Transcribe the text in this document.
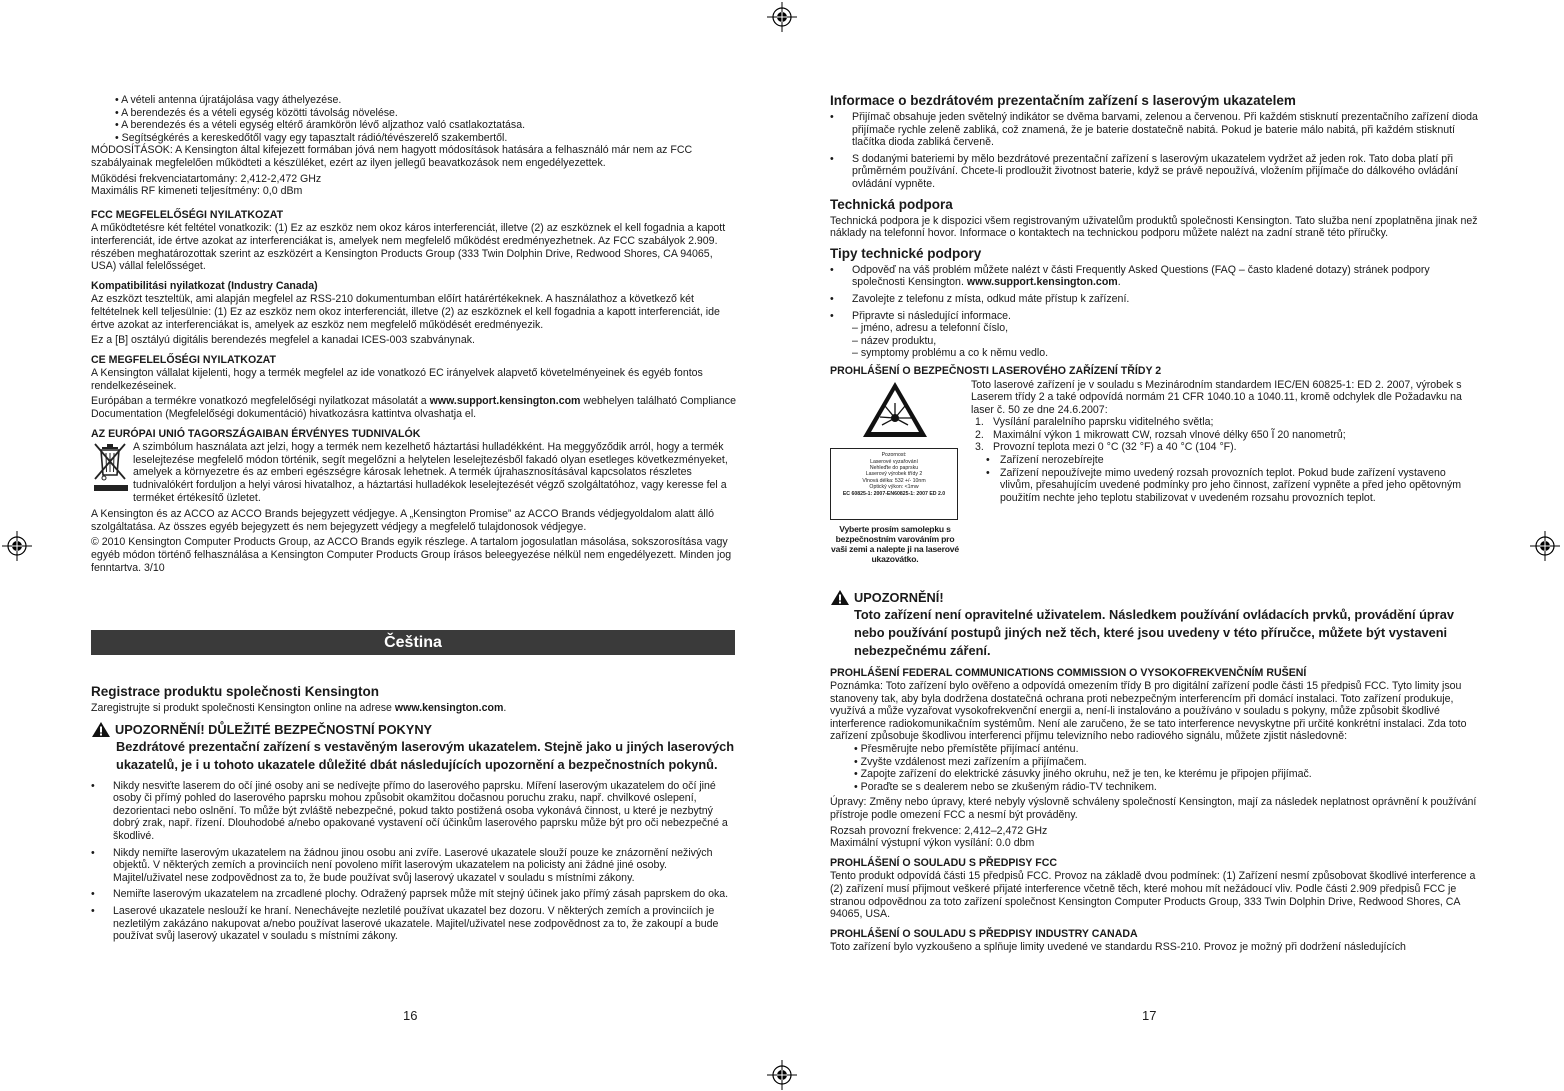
• A vételi antenna újratájolása vagy áthelyezése.
• A berendezés és a vételi egység közötti távolság növelése.
• A berendezés és a vételi egység eltérő áramkörön lévő aljzathoz való csatlakoztatása.
• Segítségkérés a kereskedőtől vagy egy tapasztalt rádió/tévészerelő szakembertől.

MÓDOSÍTÁSOK: A Kensington által kifejezett formában jóvá nem hagyott módosítások hatására a felhasználó már nem az FCC szabályainak megfelelően működteti a készüléket, ezért az ilyen jellegű beavatkozások nem engedélyezettek.

Működési frekvenciatartomány: 2,412-2,472 GHz
Maximális RF kimeneti teljesítmény: 0,0 dBm
FCC MEGFELELŐSÉGI NYILATKOZAT

A működtetésre két feltétel vonatkozik: (1) Ez az eszköz nem okoz káros interferenciát, illetve (2) az eszköznek el kell fogadnia a kapott interferenciát, ide értve azokat az interferenciákat is, amelyek nem megfelelő működést eredményezhetnek. Az FCC szabályok 2.909. részében meghatározottak szerint az eszközért a Kensington Products Group (333 Twin Dolphin Drive, Redwood Shores, CA 94065, USA) vállal felelősséget.

Kompatibilitási nyilatkozat (Industry Canada)

Az eszközt teszteltük, ami alapján megfelel az RSS-210 dokumentumban előírt határértékeknek. A használathoz a következő két feltételnek kell teljesülnie: (1) Ez az eszköz nem okoz interferenciát, illetve (2) az eszköznek el kell fogadnia a kapott interferenciát, ide értve azokat az interferenciákat is, amelyek az eszköz nem megfelelő működését eredményezik.

Ez a [B] osztályú digitális berendezés megfelel a kanadai ICES-003 szabványnak.

CE MEGFELELŐSÉGI NYILATKOZAT

A Kensington vállalat kijelenti, hogy a termék megfelel az ide vonatkozó EC irányelvek alapvető követelményeinek és egyéb fontos rendelkezéseinek.

Európában a termékre vonatkozó megfelelőségi nyilatkozat másolatát a www.support.kensington.com webhelyen található Compliance Documentation (Megfelelőségi dokumentáció) hivatkozásra kattintva olvashatja el.

AZ EURÓPAI UNIÓ TAGORSZÁGAIBAN ÉRVÉNYES TUDNIVALÓK
A szimbólum használata azt jelzi, hogy a termék nem kezelhető háztartási hulladékként. Ha meggyőződik arról, hogy a termék leselejtezése megfelelő módon történik, segít megelőzni a helytelen leselejtezésből fakadó olyan esetleges következményeket, amelyek a környezetre és az emberi egészségre károsak lehetnek. A termék újrahasznosításával kapcsolatos részletes tudnivalókért forduljon a helyi városi hivatalhoz, a háztartási hulladékok leselejtezését végző szolgáltatóhoz, vagy keresse fel a terméket értékesítő üzletet.

A Kensington és az ACCO az ACCO Brands bejegyzett védjegye. A „Kensington Promise” az ACCO Brands védjegyoldalom alatt álló szolgáltatása. Az összes egyéb bejegyzett és nem bejegyzett védjegy a megfelelő tulajdonosok védjegye.

© 2010 Kensington Computer Products Group, az ACCO Brands egyik részlege. A tartalom jogosulatlan másolása, sokszorosítása vagy egyéb módon történő felhasználása a Kensington Computer Products Group írásos beleegyezése nélkül nem engedélyezett. Minden jog fenntartva. 3/10

Čeština
Registrace produktu společnosti Kensington

Zaregistrujte si produkt společnosti Kensington online na adrese www.kensington.com.

UPOZORNĚNÍ! DŮLEŽITÉ BEZPEČNOSTNÍ POKYNY
Bezdrátové prezentační zařízení s vestavěným laserovým ukazatelem. Stejně jako u jiných laserových ukazatelů, je i u tohoto ukazatele důležité dbát následujících upozornění a bezpečnostních pokynů.
• Nikdy nesviťte laserem do očí jiné osoby ani se nedívejte přímo do laserového paprsku. Míření laserovým ukazatelem do očí jiné osoby či přímý pohled do laserového paprsku mohou způsobit okamžitou dočasnou poruchu zraku, např. chvilkové oslepení, dezorientaci nebo oslnění. To může být zvláště nebezpečné, pokud takto postižená osoba vykonává činnost, u které je nezbytný dobrý zrak, např. řízení. Dlouhodobé a/nebo opakované vystavení očí účinkům laserového paprsku může být pro oči nebezpečné a škodlivé.
• Nikdy nemiřte laserovým ukazatelem na žádnou jinou osobu ani zvíře. Laserové ukazatele slouží pouze ke znázornění neživých objektů. V některých zemích a provinciích není povoleno mířit laserovým ukazatelem na policisty ani žádné jiné osoby. Majitel/uživatel nese zodpovědnost za to, že bude používat svůj laserový ukazatel v souladu s místními zákony.
• Nemiřte laserovým ukazatelem na zrcadlené plochy. Odražený paprsek může mít stejný účinek jako přímý zásah paprskem do oka.
• Laserové ukazatele neslouží ke hraní. Nenechávejte nezletilé používat ukazatel bez dozoru. V některých zemích a provinciích je nezletilým zakázáno nakupovat a/nebo používat laserové ukazatele. Majitel/uživatel nese zodpovědnost za to, že zakoupí a bude používat svůj laserový ukazatel v souladu s místními zákony.
16
Informace o bezdrátovém prezentačním zařízení s laserovým ukazatelem
• Přijímač obsahuje jeden světelný indikátor se dvěma barvami, zelenou a červenou. Při každém stisknutí prezentačního zařízení dioda přijímače rychle zeleně zabliká, což znamená, že je baterie dostatečně nabitá. Pokud je baterie málo nabitá, při každém stisknutí tlačítka dioda zabliká červeně.
• S dodanými bateriemi by mělo bezdrátové prezentační zařízení s laserovým ukazatelem vydržet až jeden rok. Tato doba platí při průměrném používání. Chcete-li prodloužit životnost baterie, když se právě nepoužívá, vložením přijímače do dálkového ovládání ovládání vypněte.
Technická podpora

Technická podpora je k dispozici všem registrovaným uživatelům produktů společnosti Kensington. Tato služba není zpoplatněna jinak než náklady na telefonní hovor. Informace o kontaktech na technickou podporu můžete nalézt na zadní straně této příručky.

Tipy technické podpory
• Odpověď na váš problém můžete nalézt v části Frequently Asked Questions (FAQ – často kladené dotazy) stránek podpory společnosti Kensington. www.support.kensington.com.
• Zavolejte z telefonu z místa, odkud máte přístup k zařízení.
• Připravte si následující informace.
– jméno, adresu a telefonní číslo,
– název produktu,
– symptomy problému a co k němu vedlo.
PROHLÁŠENÍ O BEZPEČNOSTI LASEROVÉHO ZAŘÍZENÍ TŘÍDY 2
Pozornost:
Laserové vyzařování
Nehleďte do paprsku
Laserový výrobek třídy 2
Vlnová délka: 532 +/- 10nm
Optický výkon: <1mw
EC 60825-1: 2007-EN60825-1: 2007 ED 2.0
Vyberte prosím samolepku s bezpečnostním varováním pro vaši zemi a nalepte ji na laserové ukazovátko.
Toto laserové zařízení je v souladu s Mezinárodním standardem IEC/EN 60825-1: ED 2. 2007, výrobek s Laserem třídy 2 a také odpovídá normám 21 CFR 1040.10 a 1040.11, kromě odchylek dle Požadavku na laser č. 50 ze dne 24.6.2007:
1. Vysílání paralelního paprsku viditelného světla;
2. Maximální výkon 1 mikrowatt CW, rozsah vlnové délky 650 Ĩ 20 nanometrů;
3. Provozní teplota mezi 0 °C (32 °F) a 40 °C (104 °F).
• Zařízení nerozebírejte
• Zařízení nepoužívejte mimo uvedený rozsah provozních teplot. Pokud bude zařízení vystaveno vlivům, přesahujícím uvedené podmínky pro jeho činnost, zařízení vypněte a před jeho opětovným použitím nechte jeho teplotu stabilizovat v uvedeném rozsahu provozních teplot.
UPOZORNĚNÍ!
Toto zařízení není opravitelné uživatelem. Následkem používání ovládacích prvků, provádění úprav nebo používání postupů jiných než těch, které jsou uvedeny v této příručce, můžete být vystaveni nebezpečnému záření.
PROHLÁŠENÍ FEDERAL COMMUNICATIONS COMMISSION O VYSOKOFREKVENČNÍM RUŠENÍ
Poznámka: Toto zařízení bylo ověřeno a odpovídá omezením třídy B pro digitální zařízení podle části 15 předpisů FCC. Tyto limity jsou stanoveny tak, aby byla dodržena dostatečná ochrana proti nebezpečným interferencím při domácí instalaci. Toto zařízení produkuje, využívá a může vyzařovat vysokofrekvenční energii a, není-li instalováno a používáno v souladu s pokyny, může způsobit škodlivé interference radiokomunikačním systémům. Není ale zaručeno, že se tato interference nevyskytne při určité konkrétní instalaci. Zda toto zařízení způsobuje škodlivou interferenci příjmu televizního nebo radiového signálu, můžete zjistit následovně:
• Přesměrujte nebo přemístěte přijímací anténu.
• Zvyšte vzdálenost mezi zařízením a přijímačem.
• Zapojte zařízení do elektrické zásuvky jiného okruhu, než je ten, ke kterému je připojen přijímač.
• Poraďte se s dealerem nebo se zkušeným rádio-TV technikem.

Úpravy: Změny nebo úpravy, které nebyly výslovně schváleny společností Kensington, mají za následek neplatnost oprávnění k používání přístroje podle omezení FCC a nesmí být prováděny.

Rozsah provozní frekvence: 2,412–2,472 GHz
Maximální výstupní výkon vysílání: 0.0 dbm
PROHLÁŠENÍ O SOULADU S PŘEDPISY FCC

Tento produkt odpovídá části 15 předpisů FCC. Provoz na základě dvou podmínek: (1) Zařízení nesmí způsobovat škodlivé interference a (2) zařízení musí přijmout veškeré přijaté interference včetně těch, které mohou mít nežádoucí vliv. Podle části 2.909 předpisů FCC je stranou odpovědnou za toto zařízení společnost Kensington Computer Products Group, 333 Twin Dolphin Drive, Redwood Shores, CA 94065, USA.

PROHLÁŠENÍ O SOULADU S PŘEDPISY INDUSTRY CANADA
Toto zařízení bylo vyzkoušeno a splňuje limity uvedené ve standardu RSS-210. Provoz je možný při dodržení následujících
17
